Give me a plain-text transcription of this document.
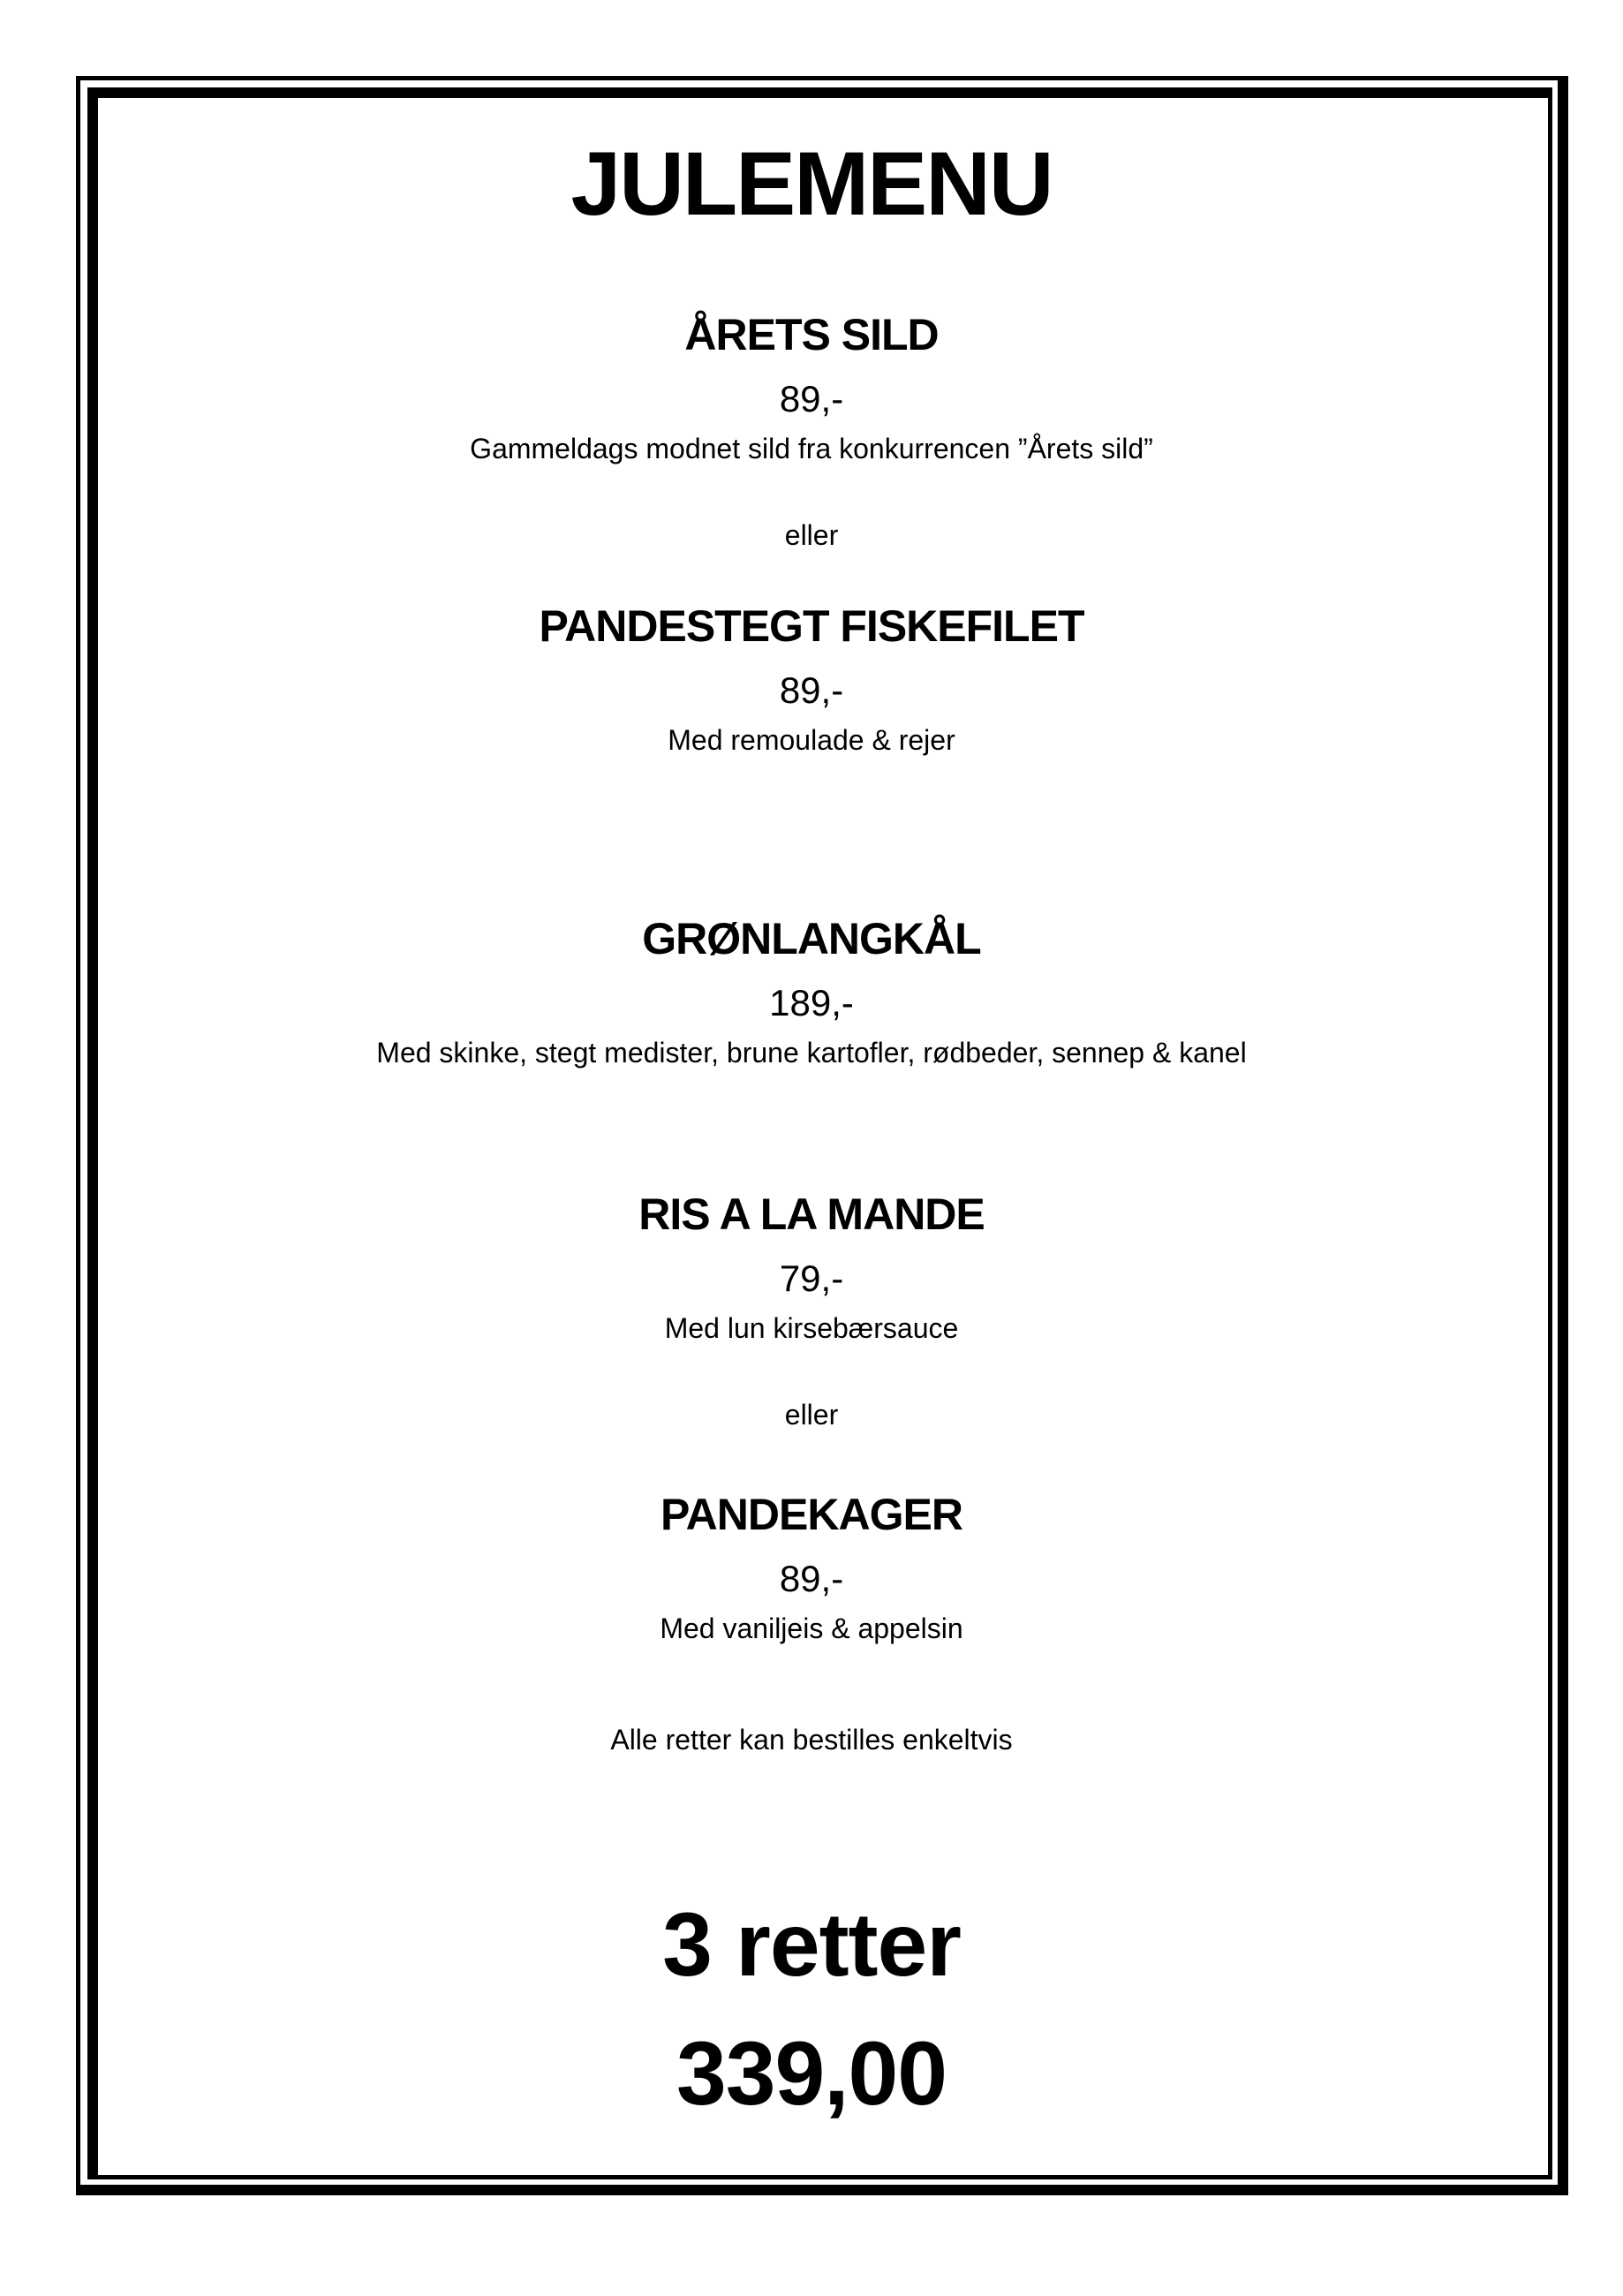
JULEMENU
ÅRETS SILD
89,-
Gammeldags modnet sild fra konkurrencen ”Årets sild”
eller
PANDESTEGT FISKEFILET
89,-
Med remoulade & rejer
GRØNLANGKÅL
189,-
Med skinke, stegt medister, brune kartofler, rødbeder, sennep & kanel
RIS A LA MANDE
79,-
Med lun kirsebærsauce
eller
PANDEKAGER
89,-
Med vaniljeis & appelsin
Alle retter kan bestilles enkeltvis
3 retter
339,00
